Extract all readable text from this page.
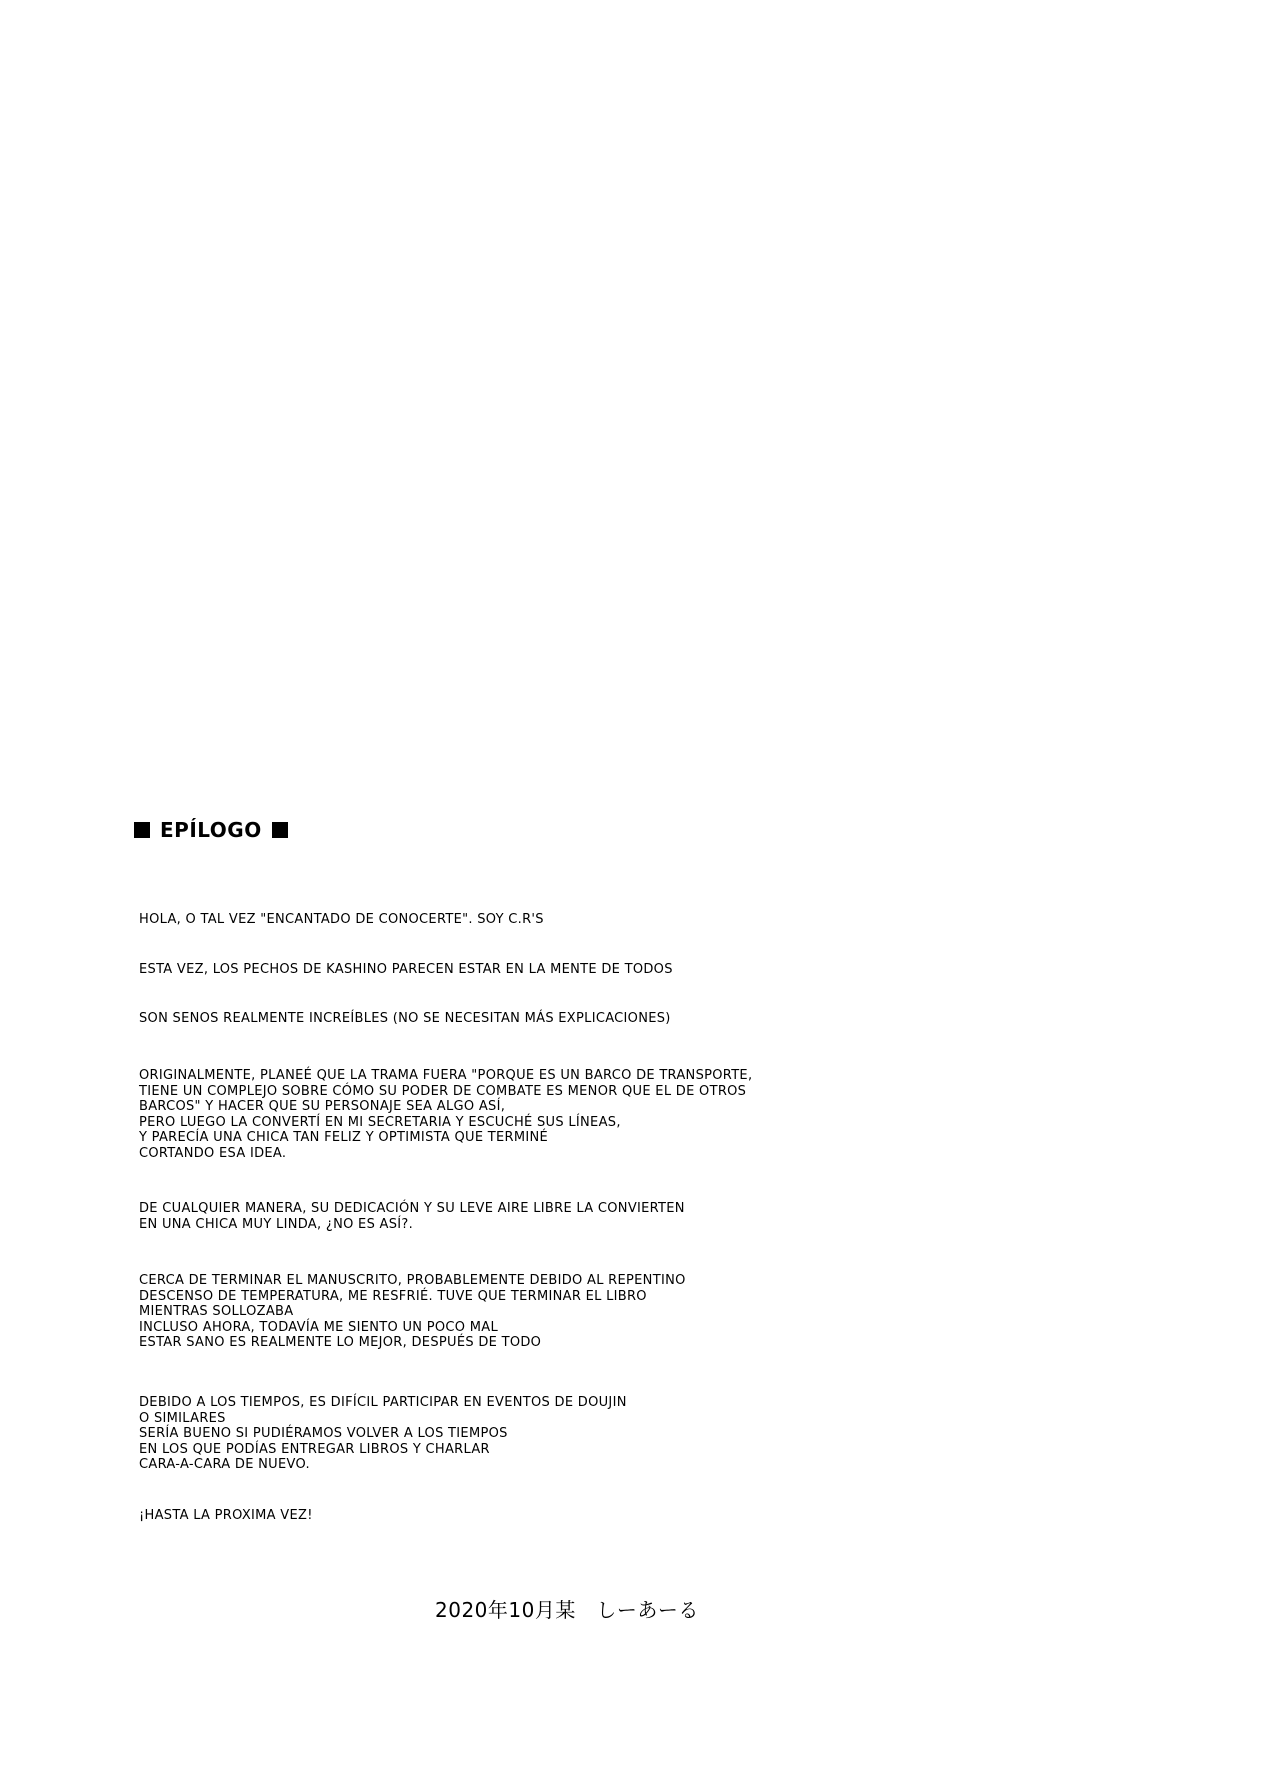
EPÍLOGO
HOLA, O TAL VEZ "ENCANTADO DE CONOCERTE". SOY C.R'S
ESTA VEZ, LOS PECHOS DE KASHINO PARECEN ESTAR EN LA MENTE DE TODOS
SON SENOS REALMENTE INCREÍBLES (NO SE NECESITAN MÁS EXPLICACIONES)
ORIGINALMENTE, PLANEÉ QUE LA TRAMA FUERA "PORQUE ES UN BARCO DE TRANSPORTE,
TIENE UN COMPLEJO SOBRE CÓMO SU PODER DE COMBATE ES MENOR QUE EL DE OTROS
BARCOS" Y HACER QUE SU PERSONAJE SEA ALGO ASÍ,
PERO LUEGO LA CONVERTÍ EN MI SECRETARIA Y ESCUCHÉ SUS LÍNEAS,
Y PARECÍA UNA CHICA TAN FELIZ Y OPTIMISTA QUE TERMINÉ
CORTANDO ESA IDEA.
DE CUALQUIER MANERA, SU DEDICACIÓN Y SU LEVE AIRE LIBRE LA CONVIERTEN
EN UNA CHICA MUY LINDA, ¿NO ES ASÍ?.
CERCA DE TERMINAR EL MANUSCRITO, PROBABLEMENTE DEBIDO AL REPENTINO
DESCENSO DE TEMPERATURA, ME RESFRIÉ. TUVE QUE TERMINAR EL LIBRO
MIENTRAS SOLLOZABA
INCLUSO AHORA, TODAVÍA ME SIENTO UN POCO MAL
ESTAR SANO ES REALMENTE LO MEJOR, DESPUÉS DE TODO
DEBIDO A LOS TIEMPOS, ES DIFÍCIL PARTICIPAR EN EVENTOS DE DOUJIN
O SIMILARES
SERÍA BUENO SI PUDIÉRAMOS VOLVER A LOS TIEMPOS
EN LOS QUE PODÍAS ENTREGAR LIBROS Y CHARLAR
CARA-A-CARA DE NUEVO.
¡HASTA LA PROXIMA VEZ!
2020年10月某　しーあーる
